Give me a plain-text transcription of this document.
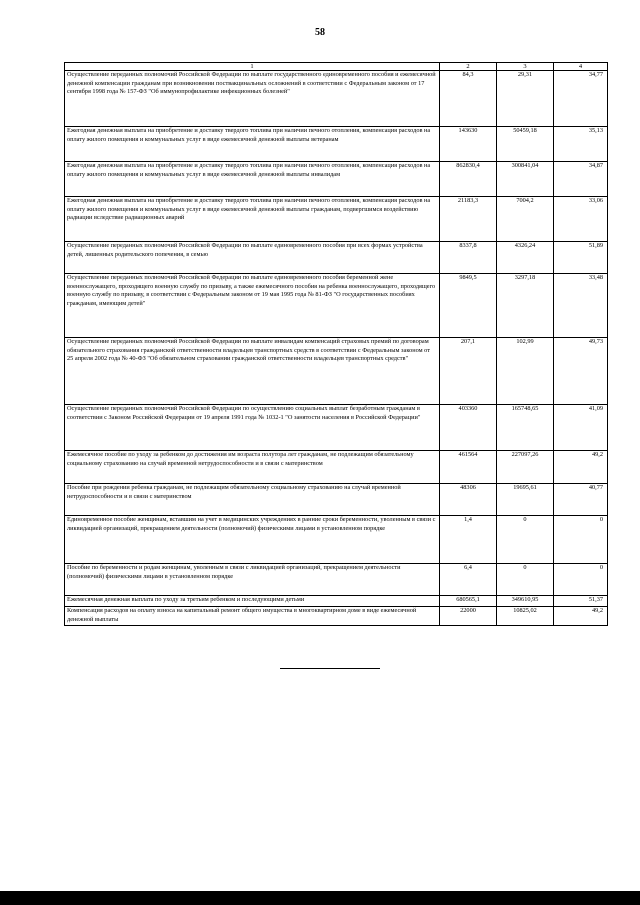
58
1	2	3	4
Осуществление переданных полномочий Российской Федерации по выплате государственного единовременного пособия и ежемесячной денежной компенсации гражданам при возникновении поствакцинальных осложнений в соответствии с Федеральным законом от 17 сентября 1998 года № 157-ФЗ "Об иммунопрофилактике инфекционных болезней"	84,3	29,31	34,77
Ежегодная денежная выплата на приобретение и доставку твердого топлива при наличии печного отопления, компенсация расходов на оплату жилого помещения и коммунальных услуг в виде ежемесячной денежной выплаты ветеранам	143630	50459,18	35,13
Ежегодная денежная выплата на приобретение и доставку твердого топлива при наличии печного отопления, компенсация расходов на оплату жилого помещения и коммунальных услуг в виде ежемесячной денежной выплаты инвалидам	862830,4	300841,04	34,87
Ежегодная денежная выплата на приобретение и доставку твердого топлива при наличии печного отопления, компенсация расходов на оплату жилого помещения и коммунальных услуг в виде ежемесячной денежной выплаты гражданам, подвергшимся воздействию радиации вследствие радиационных аварий	21183,3	7004,2	33,06
Осуществление переданных полномочий Российской Федерации по выплате единовременного пособия при всех формах устройства детей, лишенных родительского попечения, в семью	8337,8	4326,24	51,89
Осуществление переданных полномочий Российской Федерации по выплате единовременного пособия беременной жене военнослужащего, проходящего военную службу по призыву, а также ежемесячного пособия на ребенка военнослужащего, проходящего военную службу по призыву, в соответствии с Федеральным законом от 19 мая 1995 года № 81-ФЗ "О государственных пособиях гражданам, имеющим детей"	9849,5	3297,18	33,48
Осуществление переданных полномочий Российской Федерации по выплате инвалидам компенсаций страховых премий по договорам обязательного страхования гражданской ответственности владельцев транспортных средств в соответствии с Федеральным законом от 25 апреля 2002 года № 40-ФЗ "Об обязательном страховании гражданской ответственности владельцев транспортных средств"	207,1	102,99	49,73
Осуществление переданных полномочий Российской Федерации по осуществлению социальных выплат безработным гражданам в соответствии с Законом Российской Федерации от 19 апреля 1991 года № 1032-1 "О занятости населения в Российской Федерации"	403360	165748,65	41,09
Ежемесячное пособие по уходу за ребенком до достижения им возраста полутора лет гражданам, не подлежащим обязательному социальному страхованию на случай временной нетрудоспособности и в связи с материнством	461564	227097,26	49,2
Пособие при рождении ребенка гражданам, не подлежащим обязательному социальному страхованию на случай временной нетрудоспособности и в связи с материнством	48306	19695,61	40,77
Единовременное пособие женщинам, вставшим на учет в медицинских учреждениях в ранние сроки беременности, уволенным в связи с ликвидацией организаций, прекращением деятельности (полномочий) физическими лицами в установленном порядке	1,4	0	0
Пособие по беременности и родам женщинам, уволенным в связи с ликвидацией организаций, прекращением деятельности (полномочий) физическими лицами в установленном порядке	6,4	0	0
Ежемесячная денежная выплата по уходу за третьим ребенком и последующими детьми	680565,1	349610,95	51,37
Компенсация расходов на оплату взноса на капитальный ремонт общего имущества в многоквартирном доме в виде ежемесячной денежной выплаты	22000	10825,02	49,2
